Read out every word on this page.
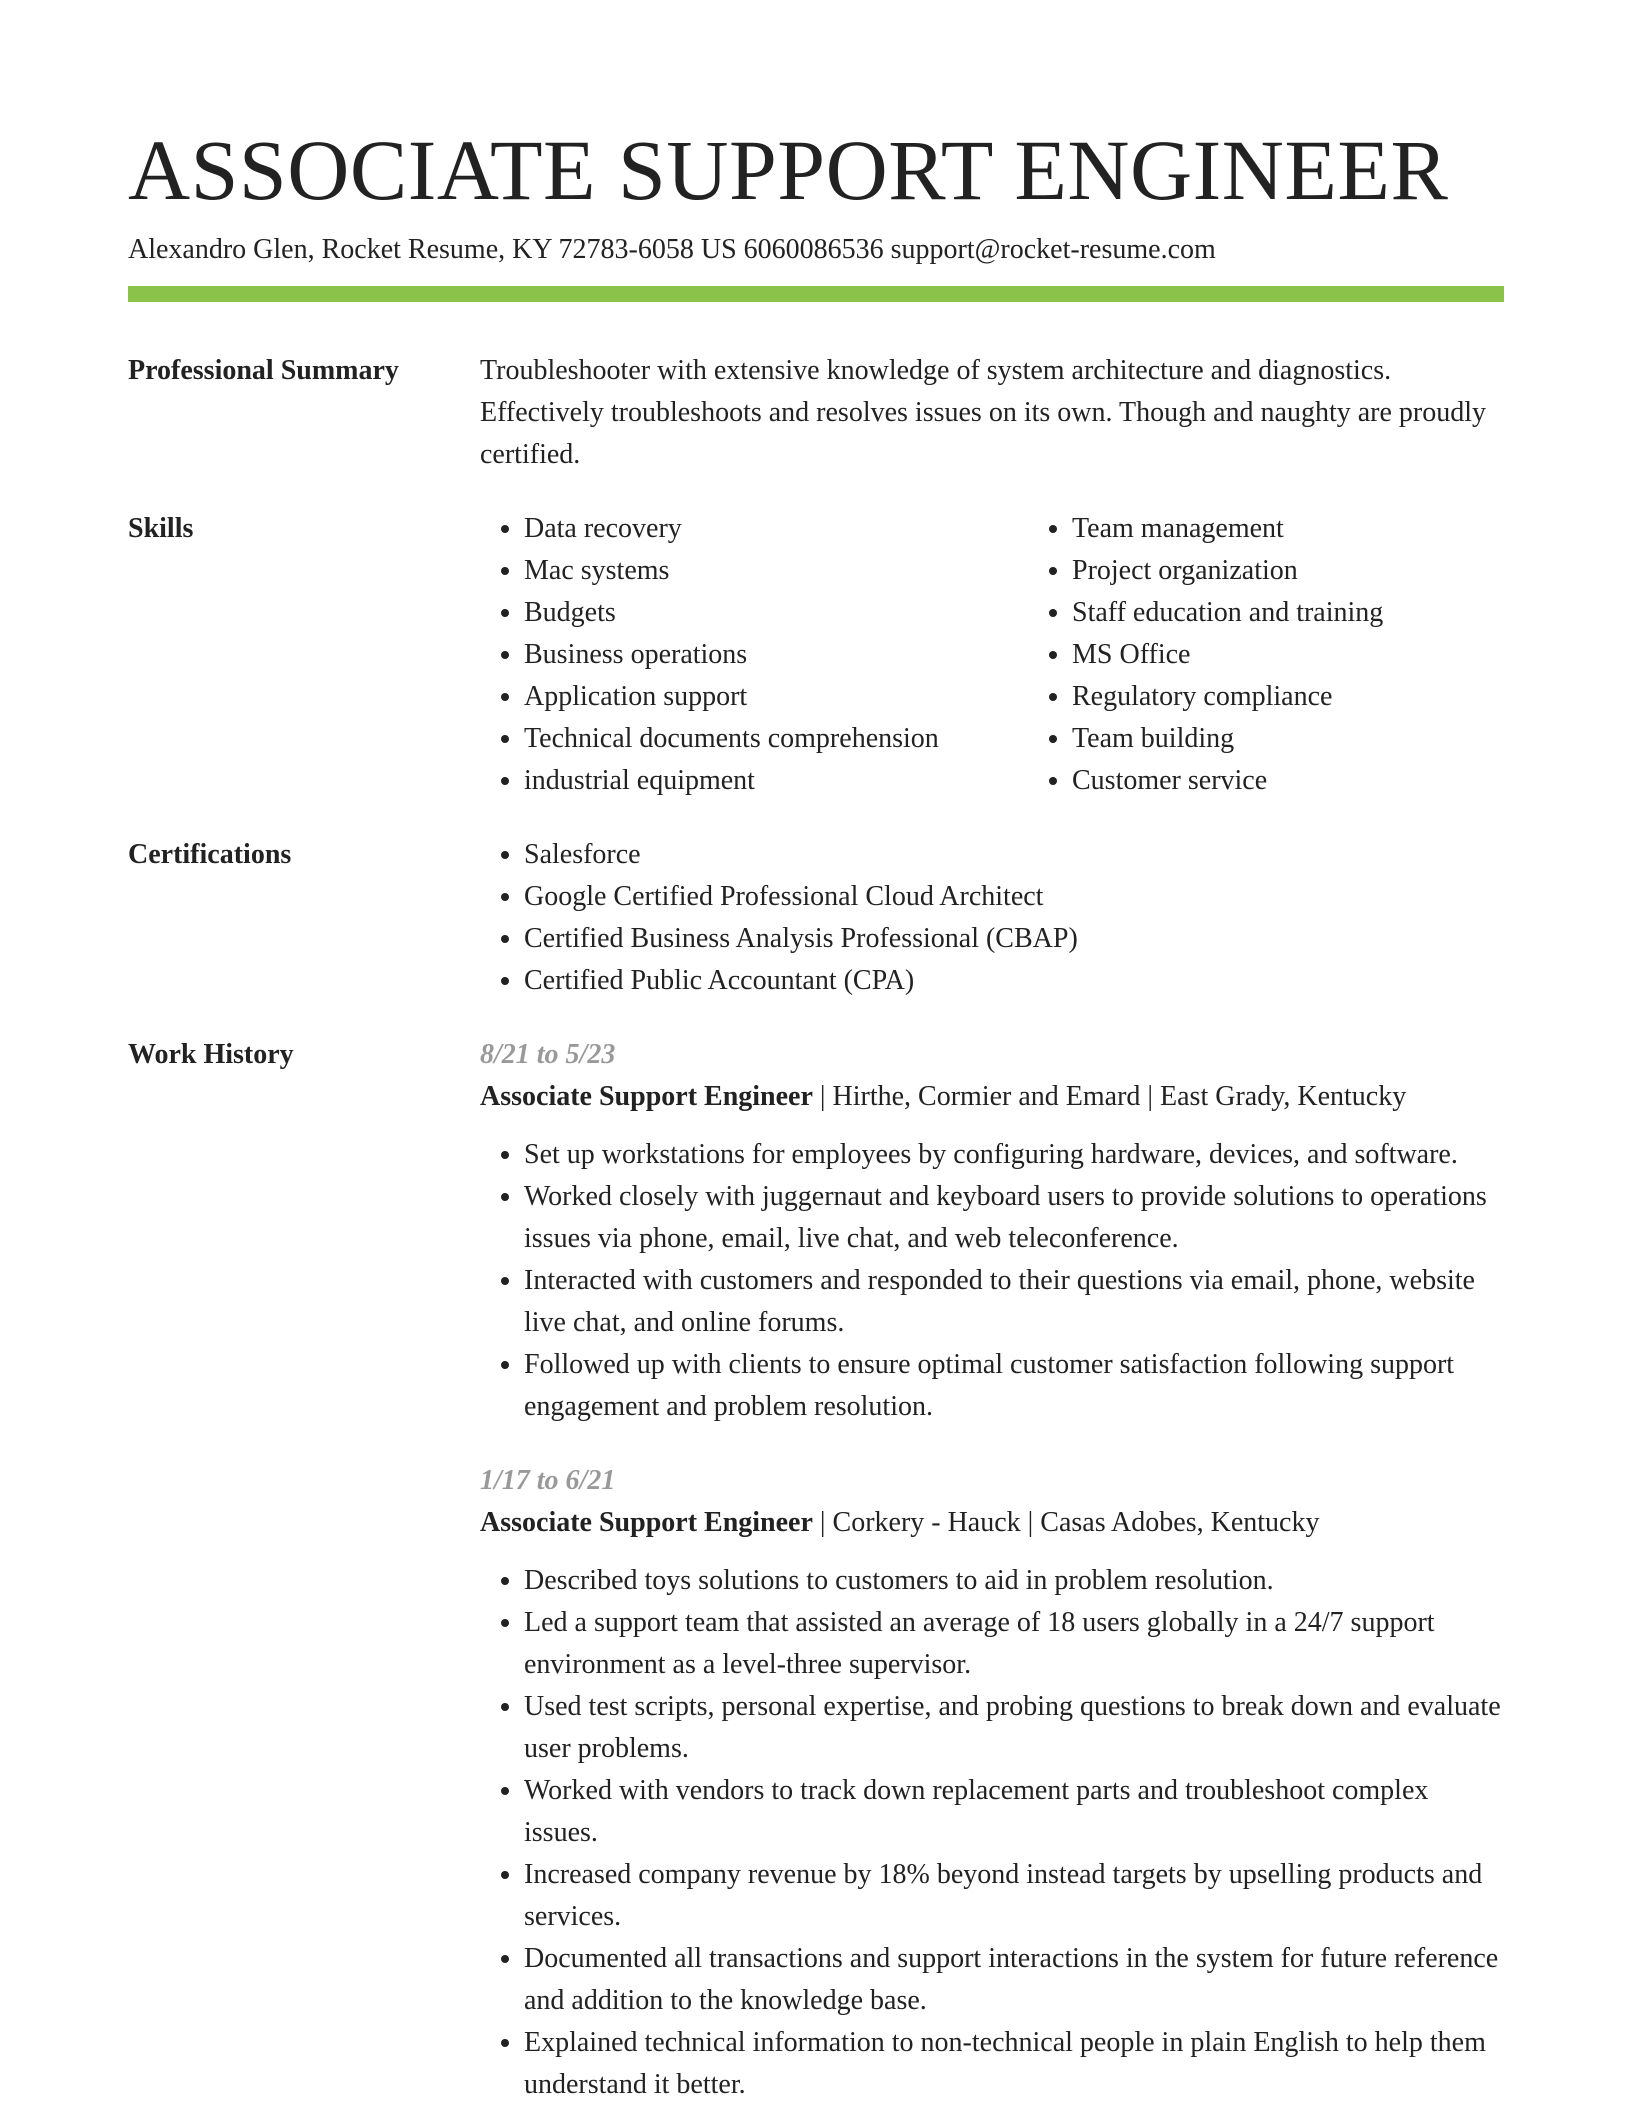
ASSOCIATE SUPPORT ENGINEER
Alexandro Glen, Rocket Resume, KY 72783-6058 US 6060086536 support@rocket-resume.com
Professional Summary	Troubleshooter with extensive knowledge of system architecture and diagnostics. Effectively troubleshoots and resolves issues on its own. Though and naughty are proudly certified.
Skills	• Data recovery
• Mac systems
• Budgets
• Business operations
• Application support
• Technical documents comprehension
• industrial equipment
• Team management
• Project organization
• Staff education and training
• MS Office
• Regulatory compliance
• Team building
• Customer service
Certifications	• Salesforce
• Google Certified Professional Cloud Architect
• Certified Business Analysis Professional (CBAP)
• Certified Public Accountant (CPA)
Work History	8/21 to 5/23
Associate Support Engineer | Hirthe, Cormier and Emard | East Grady, Kentucky
• Set up workstations for employees by configuring hardware, devices, and software.
• Worked closely with juggernaut and keyboard users to provide solutions to operations issues via phone, email, live chat, and web teleconference.
• Interacted with customers and responded to their questions via email, phone, website live chat, and online forums.
• Followed up with clients to ensure optimal customer satisfaction following support engagement and problem resolution.
1/17 to 6/21
Associate Support Engineer | Corkery - Hauck | Casas Adobes, Kentucky
• Described toys solutions to customers to aid in problem resolution.
• Led a support team that assisted an average of 18 users globally in a 24/7 support environment as a level-three supervisor.
• Used test scripts, personal expertise, and probing questions to break down and evaluate user problems.
• Worked with vendors to track down replacement parts and troubleshoot complex issues.
• Increased company revenue by 18% beyond instead targets by upselling products and services.
• Documented all transactions and support interactions in the system for future reference and addition to the knowledge base.
• Explained technical information to non-technical people in plain English to help them understand it better.
